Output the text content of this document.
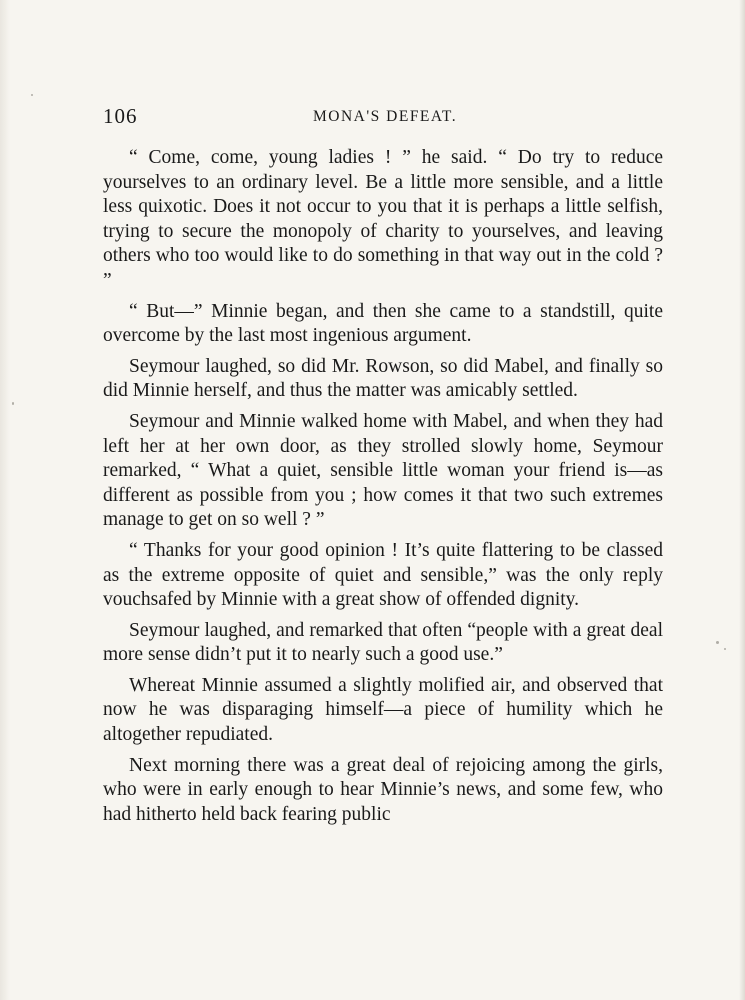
106	MONA'S DEFEAT.

“ Come, come, young ladies ! ” he said. “ Do try to reduce yourselves to an ordinary level. Be a little more sensible, and a little less quixotic. Does it not occur to you that it is perhaps a little selfish, trying to secure the monopoly of charity to yourselves, and leaving others who too would like to do something in that way out in the cold ? ”

“ But—” Minnie began, and then she came to a standstill, quite overcome by the last most ingenious argument.

Seymour laughed, so did Mr. Rowson, so did Mabel, and finally so did Minnie herself, and thus the matter was amicably settled.

Seymour and Minnie walked home with Mabel, and when they had left her at her own door, as they strolled slowly home, Seymour remarked, “ What a quiet, sensible little woman your friend is—as different as possible from you ; how comes it that two such extremes manage to get on so well ? ”

“ Thanks for your good opinion ! It’s quite flattering to be classed as the extreme opposite of quiet and sensible,” was the only reply vouchsafed by Minnie with a great show of offended dignity.

Seymour laughed, and remarked that often “people with a great deal more sense didn’t put it to nearly such a good use.”

Whereat Minnie assumed a slightly molified air, and observed that now he was disparaging himself—a piece of humility which he altogether repudiated.

Next morning there was a great deal of rejoicing among the girls, who were in early enough to hear Minnie’s news, and some few, who had hitherto held back fearing public
